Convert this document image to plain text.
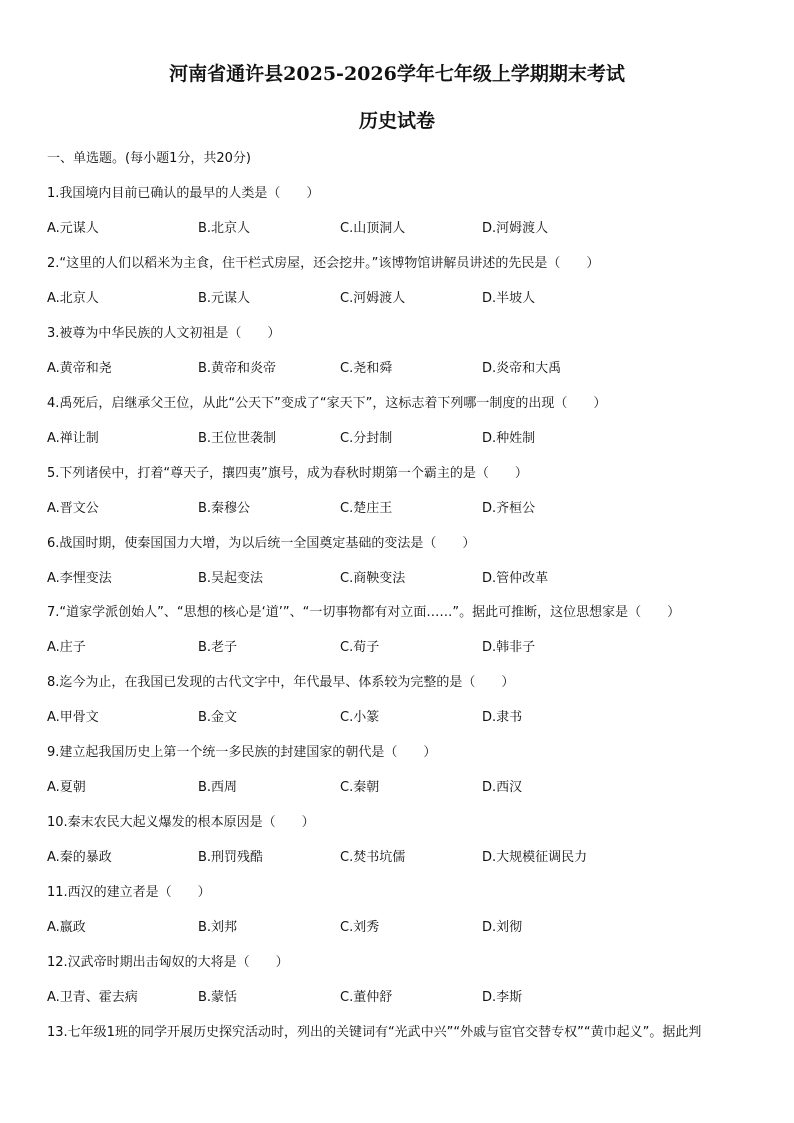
河南省通许县2025-2026学年七年级上学期期末考试
历史试卷
一、单选题。(每小题1分，共20分)
1.我国境内目前已确认的最早的人类是（　　）
A.元谋人	B.北京人	C.山顶洞人	D.河姆渡人
2.“这里的人们以稻米为主食，住干栏式房屋，还会挖井。”该博物馆讲解员讲述的先民是（　　）
A.北京人	B.元谋人	C.河姆渡人	D.半坡人
3.被尊为中华民族的人文初祖是（　　）
A.黄帝和尧	B.黄帝和炎帝	C.尧和舜	D.炎帝和大禹
4.禹死后，启继承父王位，从此“公天下”变成了“家天下”，这标志着下列哪一制度的出现（　　）
A.禅让制	B.王位世袭制	C.分封制	D.种姓制
5.下列诸侯中，打着“尊天子，攘四夷”旗号，成为春秋时期第一个霸主的是（　　）
A.晋文公	B.秦穆公	C.楚庄王	D.齐桓公
6.战国时期，使秦国国力大增，为以后统一全国奠定基础的变法是（　　）
A.李悝变法	B.吴起变法	C.商鞅变法	D.管仲改革
7.“道家学派创始人”、“思想的核心是‘道’”、“一切事物都有对立面……”。据此可推断，这位思想家是（　　）
A.庄子	B.老子	C.荀子	D.韩非子
8.迄今为止，在我国已发现的古代文字中，年代最早、体系较为完整的是（　　）
A.甲骨文	B.金文	C.小篆	D.隶书
9.建立起我国历史上第一个统一多民族的封建国家的朝代是（　　）
A.夏朝	B.西周	C.秦朝	D.西汉
10.秦末农民大起义爆发的根本原因是（　　）
A.秦的暴政	B.刑罚残酷	C.焚书坑儒	D.大规模征调民力
11.西汉的建立者是（　　）
A.嬴政	B.刘邦	C.刘秀	D.刘彻
12.汉武帝时期出击匈奴的大将是（　　）
A.卫青、霍去病	B.蒙恬	C.董仲舒	D.李斯
13.七年级1班的同学开展历史探究活动时，列出的关键词有“光武中兴”“外戚与宦官交替专权”“黄巾起义”。据此判
